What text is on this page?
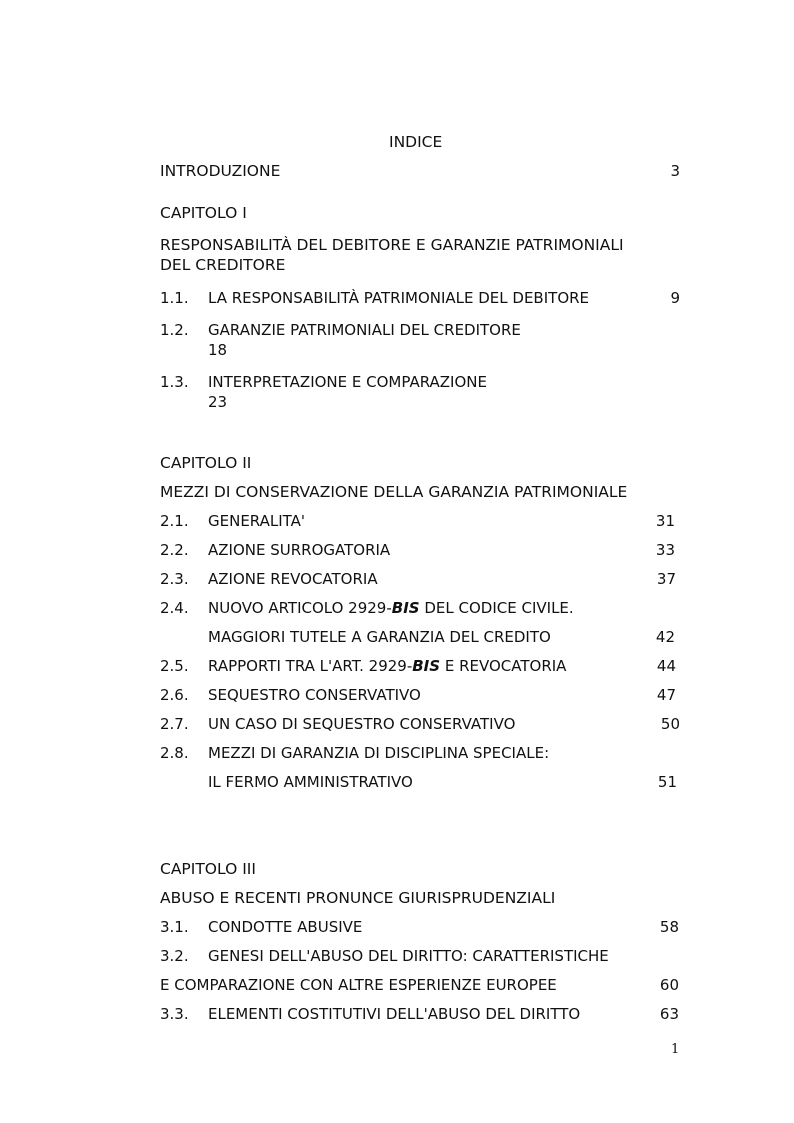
INDICE
INTRODUZIONE	3
CAPITOLO I
RESPONSABILITÀ DEL DEBITORE E GARANZIE PATRIMONIALI
DEL CREDITORE
1.1. LA RESPONSABILITÀ PATRIMONIALE DEL DEBITORE	9
1.2. GARANZIE PATRIMONIALI DEL CREDITORE
18
1.3. INTERPRETAZIONE E COMPARAZIONE
23
CAPITOLO II
MEZZI DI CONSERVAZIONE DELLA GARANZIA PATRIMONIALE
2.1. GENERALITA'	31
2.2. AZIONE SURROGATORIA	33
2.3. AZIONE REVOCATORIA	37
2.4. NUOVO ARTICOLO 2929-BIS DEL CODICE CIVILE.
MAGGIORI TUTELE A GARANZIA DEL CREDITO	42
2.5. RAPPORTI TRA L'ART. 2929-BIS E REVOCATORIA	44
2.6. SEQUESTRO CONSERVATIVO	47
2.7. UN CASO DI SEQUESTRO CONSERVATIVO	50
2.8. MEZZI DI GARANZIA DI DISCIPLINA SPECIALE:
IL FERMO AMMINISTRATIVO	51
CAPITOLO III
ABUSO E RECENTI PRONUNCE GIURISPRUDENZIALI
3.1. CONDOTTE ABUSIVE	58
3.2. GENESI DELL'ABUSO DEL DIRITTO: CARATTERISTICHE
E COMPARAZIONE CON ALTRE ESPERIENZE EUROPEE	60
3.3. ELEMENTI COSTITUTIVI DELL'ABUSO DEL DIRITTO	63
1
